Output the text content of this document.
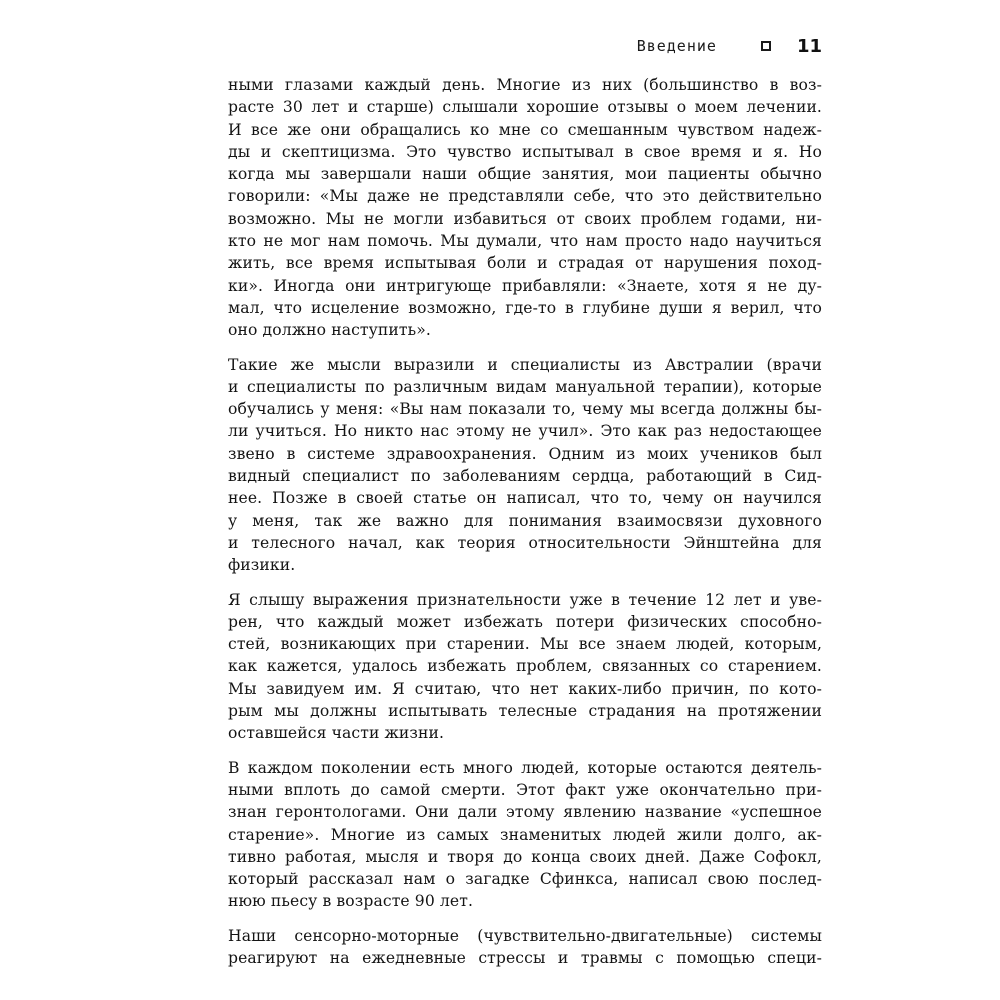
Введение	11
ными глазами каждый день. Многие из них (большинство в воз-
расте 30 лет и старше) слышали хорошие отзывы о моем лечении.
И все же они обращались ко мне со смешанным чувством надеж-
ды и скептицизма. Это чувство испытывал в свое время и я. Но
когда мы завершали наши общие занятия, мои пациенты обычно
говорили: «Мы даже не представляли себе, что это действительно
возможно. Мы не могли избавиться от своих проблем годами, ни-
кто не мог нам помочь. Мы думали, что нам просто надо научиться
жить, все время испытывая боли и страдая от нарушения поход-
ки». Иногда они интригующе прибавляли: «Знаете, хотя я не ду-
мал, что исцеление возможно, где-то в глубине души я верил, что
оно должно наступить».
Такие же мысли выразили и специалисты из Австралии (врачи
и специалисты по различным видам мануальной терапии), которые
обучались у меня: «Вы нам показали то, чему мы всегда должны бы-
ли учиться. Но никто нас этому не учил». Это как раз недостающее
звено в системе здравоохранения. Одним из моих учеников был
видный специалист по заболеваниям сердца, работающий в Сид-
нее. Позже в своей статье он написал, что то, чему он научился
у меня, так же важно для понимания взаимосвязи духовного
и телесного начал, как теория относительности Эйнштейна для
физики.
Я слышу выражения признательности уже в течение 12 лет и уве-
рен, что каждый может избежать потери физических способно-
стей, возникающих при старении. Мы все знаем людей, которым,
как кажется, удалось избежать проблем, связанных со старением.
Мы завидуем им. Я считаю, что нет каких-либо причин, по кото-
рым мы должны испытывать телесные страдания на протяжении
оставшейся части жизни.
В каждом поколении есть много людей, которые остаются деятель-
ными вплоть до самой смерти. Этот факт уже окончательно при-
знан геронтологами. Они дали этому явлению название «успешное
старение». Многие из самых знаменитых людей жили долго, ак-
тивно работая, мысля и творя до конца своих дней. Даже Софокл,
который рассказал нам о загадке Сфинкса, написал свою послед-
нюю пьесу в возрасте 90 лет.
Наши сенсорно-моторные (чувствительно-двигательные) системы
реагируют на ежедневные стрессы и травмы с помощью специ-
